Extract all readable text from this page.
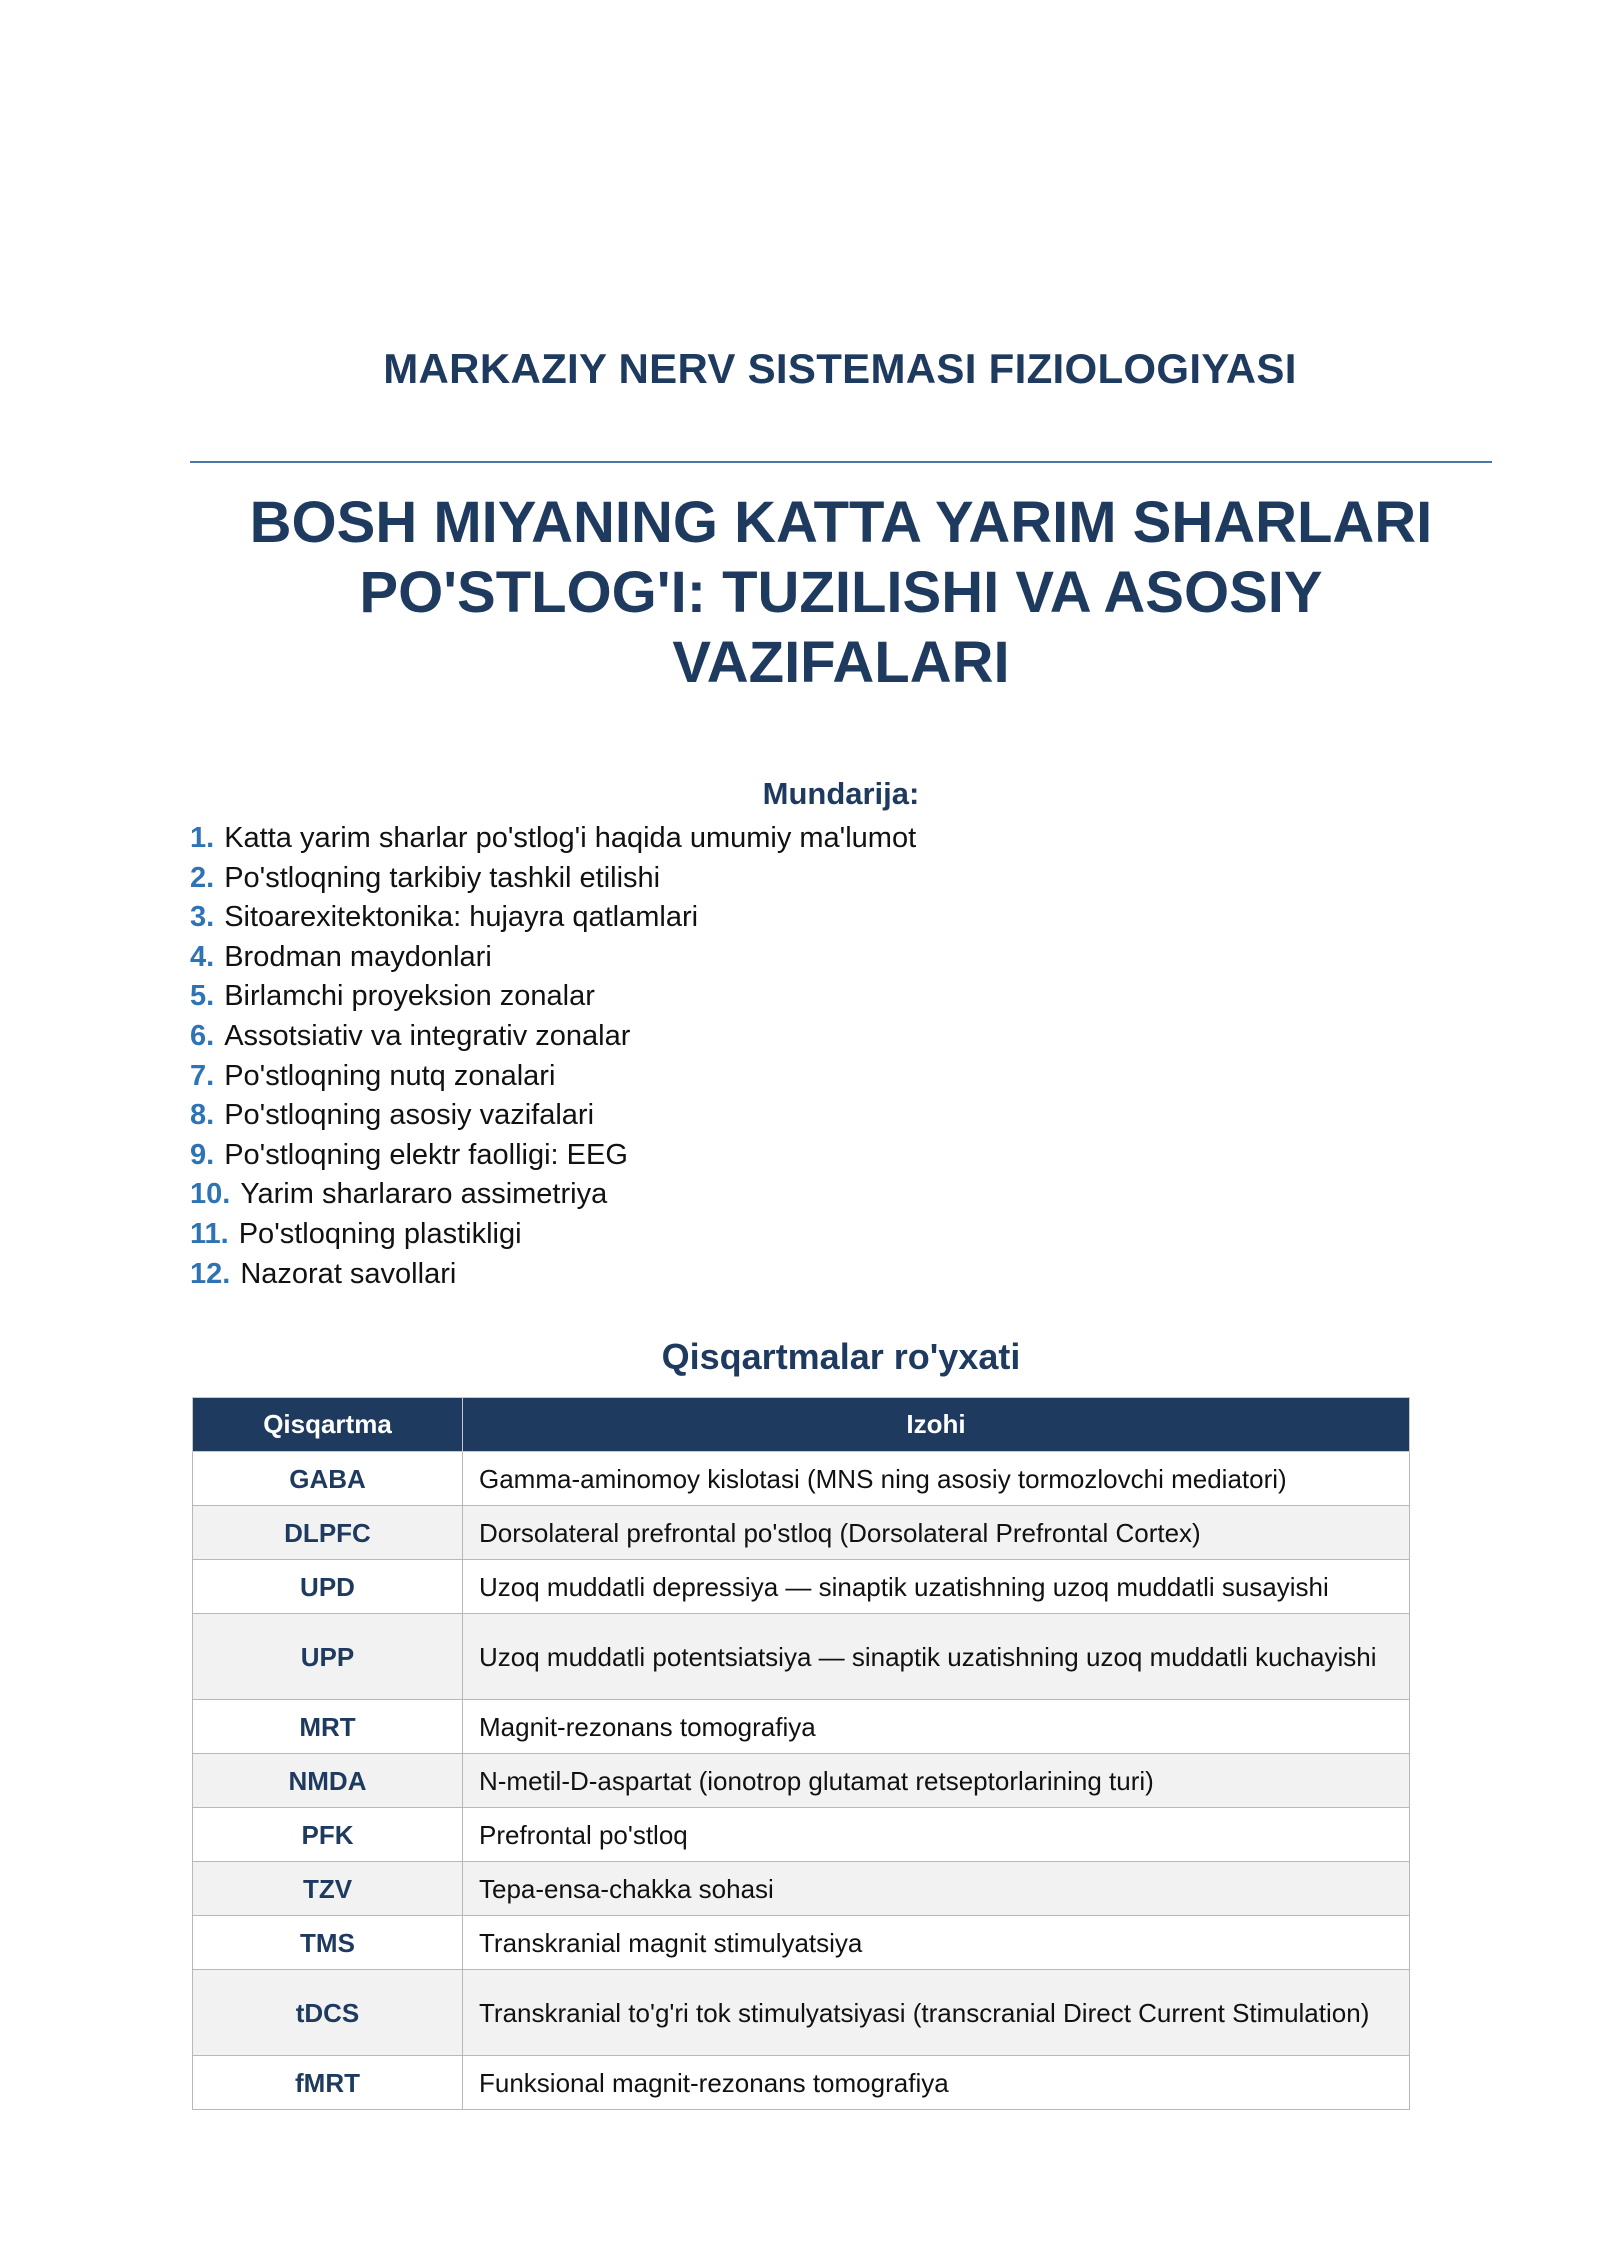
MARKAZIY NERV SISTEMASI FIZIOLOGIYASI
BOSH MIYANING KATTA YARIM SHARLARI
PO'STLOG'I: TUZILISHI VA ASOSIY
VAZIFALARI
Mundarija:
1. Katta yarim sharlar po'stlog'i haqida umumiy ma'lumot
2. Po'stloqning tarkibiy tashkil etilishi
3. Sitoarexitektonika: hujayra qatlamlari
4. Brodman maydonlari
5. Birlamchi proyeksion zonalar
6. Assotsiativ va integrativ zonalar
7. Po'stloqning nutq zonalari
8. Po'stloqning asosiy vazifalari
9. Po'stloqning elektr faolligi: EEG
10. Yarim sharlararo assimetriya
11. Po'stloqning plastikligi
12. Nazorat savollari
Qisqartmalar ro'yxati
Qisqartma	Izohi
GABA	Gamma-aminomoy kislotasi (MNS ning asosiy tormozlovchi mediatori)
DLPFC	Dorsolateral prefrontal po'stloq (Dorsolateral Prefrontal Cortex)
UPD	Uzoq muddatli depressiya — sinaptik uzatishning uzoq muddatli susayishi
UPP	Uzoq muddatli potentsiatsiya — sinaptik uzatishning uzoq muddatli kuchayishi
MRT	Magnit-rezonans tomografiya
NMDA	N-metil-D-aspartat (ionotrop glutamat retseptorlarining turi)
PFK	Prefrontal po'stloq
TZV	Tepa-ensa-chakka sohasi
TMS	Transkranial magnit stimulyatsiya
tDCS	Transkranial to'g'ri tok stimulyatsiyasi (transcranial Direct Current Stimulation)
fMRT	Funksional magnit-rezonans tomografiya
